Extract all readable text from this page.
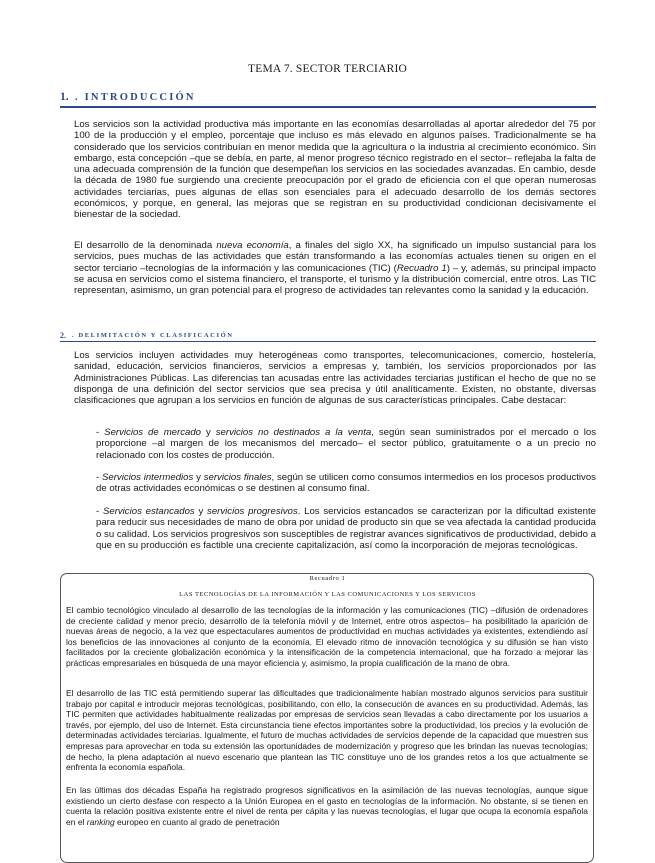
TEMA 7. SECTOR TERCIARIO
1. . INTRODUCCIÓN

Los servicios son la actividad productiva más importante en las economías desarrolladas al aportar alrededor del 75 por 100 de la producción y el empleo, porcentaje que incluso es más elevado en algunos países. Tradicionalmente se ha considerado que los servicios contribuían en menor medida que la agricultura o la industria al crecimiento económico. Sin embargo, esta concepción –que se debía, en parte, al menor progreso técnico registrado en el sector– reflejaba la falta de una adecuada comprensión de la función que desempeñan los servicios en las sociedades avanzadas. En cambio, desde la década de 1980 fue surgiendo una creciente preocupación por el grado de eficiencia con el que operan numerosas actividades terciarias, pues algunas de ellas son esenciales para el adecuado desarrollo de los demás sectores económicos, y porque, en general, las mejoras que se registran en su productividad condicionan decisivamente el bienestar de la sociedad.

El desarrollo de la denominada nueva economía, a finales del siglo XX, ha significado un impulso sustancial para los servicios, pues muchas de las actividades que están transformando a las economías actuales tienen su origen en el sector terciario –tecnologías de la información y las comunicaciones (TIC) (Recuadro 1) – y, además, su principal impacto se acusa en servicios como el sistema financiero, el transporte, el turismo y la distribución comercial, entre otros. Las TIC representan, asimismo, un gran potencial para el progreso de actividades tan relevantes como la sanidad y la educación.

2. . DELIMITACIÓN Y CLASIFICACIÓN

Los servicios incluyen actividades muy heterogéneas como transportes, telecomunicaciones, comercio, hostelería, sanidad, educación, servicios financieros, servicios a empresas y, también, los servicios proporcionados por las Administraciones Públicas. Las diferencias tan acusadas entre las actividades terciarias justifican el hecho de que no se disponga de una definición del sector servicios que sea precisa y útil analíticamente. Existen, no obstante, diversas clasificaciones que agrupan a los servicios en función de algunas de sus características principales. Cabe destacar:

- Servicios de mercado y servicios no destinados a la venta, según sean suministrados por el mercado o los proporcione –al margen de los mecanismos del mercado– el sector público, gratuitamente o a un precio no relacionado con los costes de producción.

- Servicios intermedios y servicios finales, según se utilicen como consumos intermedios en los procesos productivos de otras actividades económicas o se destinen al consumo final.

- Servicios estancados y servicios progresivos. Los servicios estancados se caracterizan por la dificultad existente para reducir sus necesidades de mano de obra por unidad de producto sin que se vea afectada la cantidad producida o su calidad. Los servicios progresivos son susceptibles de registrar avances significativos de productividad, debido a que en su producción es factible una creciente capitalización, así como la incorporación de mejoras tecnológicas.

Recuadro 1
LAS TECNOLOGÍAS DE LA INFORMACIÓN Y LAS COMUNICACIONES Y LOS SERVICIOS

El cambio tecnológico vinculado al desarrollo de las tecnologías de la información y las comunicaciones (TIC) –difusión de ordenadores de creciente calidad y menor precio, desarrollo de la telefonía móvil y de Internet, entre otros aspectos– ha posibilitado la aparición de nuevas áreas de negocio, a la vez que espectaculares aumentos de productividad en muchas actividades ya existentes, extendiendo así los beneficios de las innovaciones al conjunto de la economía. El elevado ritmo de innovación tecnológica y su difusión se han visto facilitados por la creciente globalización económica y la intensificación de la competencia internacional, que ha forzado a mejorar las prácticas empresariales en búsqueda de una mayor eficiencia y, asimismo, la propia cualificación de la mano de obra.

El desarrollo de las TIC está permitiendo superar las dificultades que tradicionalmente habían mostrado algunos servicios para sustituir trabajo por capital e introducir mejoras tecnológicas, posibilitando, con ello, la consecución de avances en su productividad. Además, las TIC permiten que actividades habitualmente realizadas por empresas de servicios sean llevadas a cabo directamente por los usuarios a través, por ejemplo, del uso de Internet. Esta circunstancia tiene efectos importantes sobre la productividad, los precios y la evolución de determinadas actividades terciarias. Igualmente, el futuro de muchas actividades de servicios depende de la capacidad que muestren sus empresas para aprovechar en toda su extensión las oportunidades de modernización y progreso que les brindan las nuevas tecnologías; de hecho, la plena adaptación al nuevo escenario que plantean las TIC constituye uno de los grandes retos a los que actualmente se enfrenta la economía española.

En las últimas dos décadas España ha registrado progresos significativos en la asimilación de las nuevas tecnologías, aunque sigue existiendo un cierto desfase con respecto a la Unión Europea en el gasto en tecnologías de la información. No obstante, si se tienen en cuenta la relación positiva existente entre el nivel de renta per cápita y las nuevas tecnologías, el lugar que ocupa la economía española en el ranking europeo en cuanto al grado de penetración
